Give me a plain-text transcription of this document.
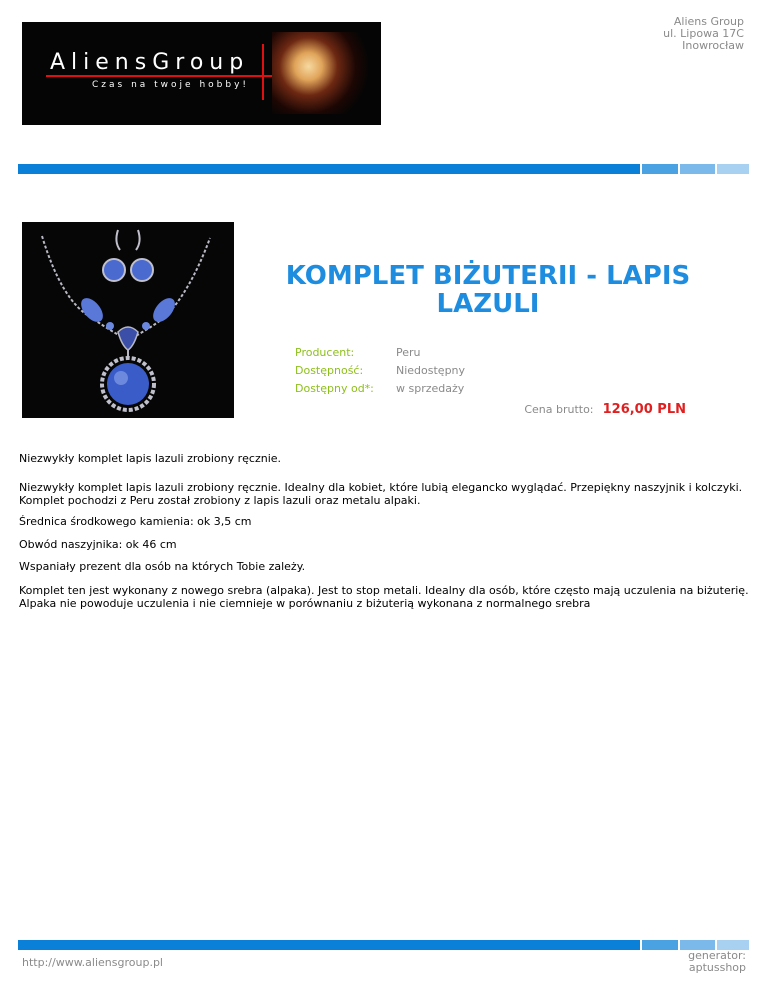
AliensGroup
Czas na twoje hobby!
Aliens Group
ul. Lipowa 17C
Inowrocław
KOMPLET BIŻUTERII - LAPIS LAZULI
Producent:	Peru
Dostępność:	Niedostępny
Dostępny od*: w sprzedaży
Cena brutto: 126,00 PLN

Niezwykły komplet lapis lazuli zrobiony ręcznie.

Niezwykły komplet lapis lazuli zrobiony ręcznie. Idealny dla kobiet, które lubią elegancko wyglądać. Przepiękny naszyjnik i kolczyki. Komplet pochodzi z Peru został zrobiony z lapis lazuli oraz metalu alpaki.

Średnica środkowego kamienia: ok 3,5 cm

Obwód naszyjnika: ok 46 cm

Wspaniały prezent dla osób na których Tobie zależy.

Komplet ten jest wykonany z nowego srebra (alpaka). Jest to stop metali. Idealny dla osób, które często mają uczulenia na biżuterię. Alpaka nie powoduje uczulenia i nie ciemnieje w porównaniu z biżuterią wykonana z normalnego srebra

http://www.aliensgroup.pl
generator:
aptusshop
